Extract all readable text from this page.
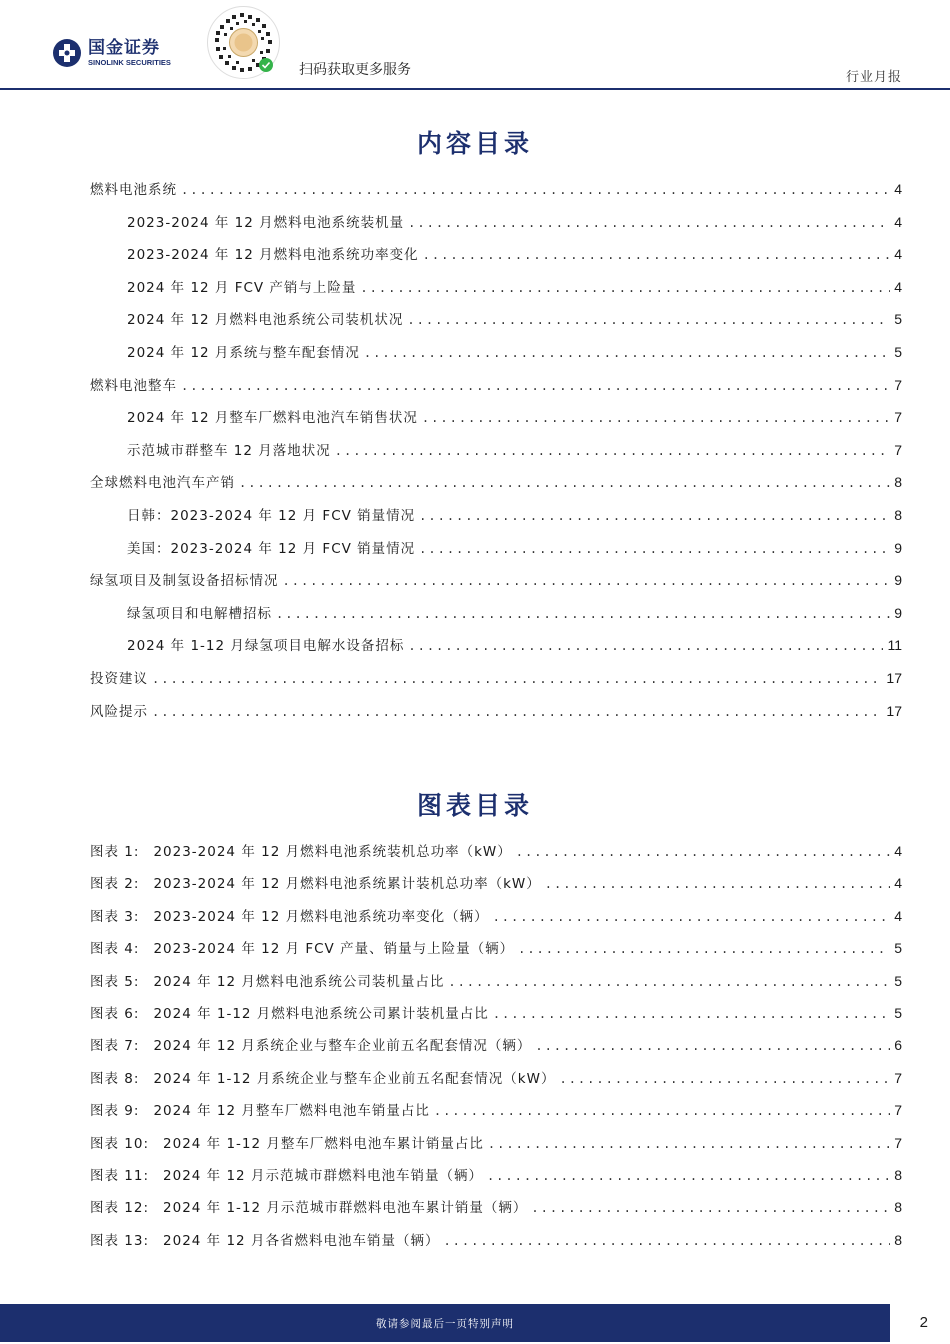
国金证券
SINOLINK SECURITIES	扫码获取更多服务	行业月报
内容目录
燃料电池系统 .....	4
2023-2024 年 12 月燃料电池系统装机量 .....	4
2023-2024 年 12 月燃料电池系统功率变化 .....	4
2024 年 12 月 FCV 产销与上险量 .....	4
2024 年 12 月燃料电池系统公司装机状况 .....	5
2024 年 12 月系统与整车配套情况 .....	5
燃料电池整车 .....	7
2024 年 12 月整车厂燃料电池汽车销售状况 .....	7
示范城市群整车 12 月落地状况 .....	7
全球燃料电池汽车产销 .....	8
日韩：2023-2024 年 12 月 FCV 销量情况 .....	8
美国：2023-2024 年 12 月 FCV 销量情况 .....	9
绿氢项目及制氢设备招标情况 .....	9
绿氢项目和电解槽招标 .....	9
2024 年 1-12 月绿氢项目电解水设备招标 .....	11
投资建议 .....	17
风险提示 .....	17
图表目录
图表 1: 2023-2024 年 12 月燃料电池系统装机总功率（kW） .....	4
图表 2: 2023-2024 年 12 月燃料电池系统累计装机总功率（kW） .....	4
图表 3: 2023-2024 年 12 月燃料电池系统功率变化（辆） .....	4
图表 4: 2023-2024 年 12 月 FCV 产量、销量与上险量（辆） .....	5
图表 5: 2024 年 12 月燃料电池系统公司装机量占比 .....	5
图表 6: 2024 年 1-12 月燃料电池系统公司累计装机量占比 .....	5
图表 7: 2024 年 12 月系统企业与整车企业前五名配套情况（辆） .....	6
图表 8: 2024 年 1-12 月系统企业与整车企业前五名配套情况（kW） .....	7
图表 9: 2024 年 12 月整车厂燃料电池车销量占比 .....	7
图表 10: 2024 年 1-12 月整车厂燃料电池车累计销量占比 .....	7
图表 11: 2024 年 12 月示范城市群燃料电池车销量（辆） .....	8
图表 12: 2024 年 1-12 月示范城市群燃料电池车累计销量（辆） .....	8
图表 13: 2024 年 12 月各省燃料电池车销量（辆） .....	8
敬请参阅最后一页特别声明	2
